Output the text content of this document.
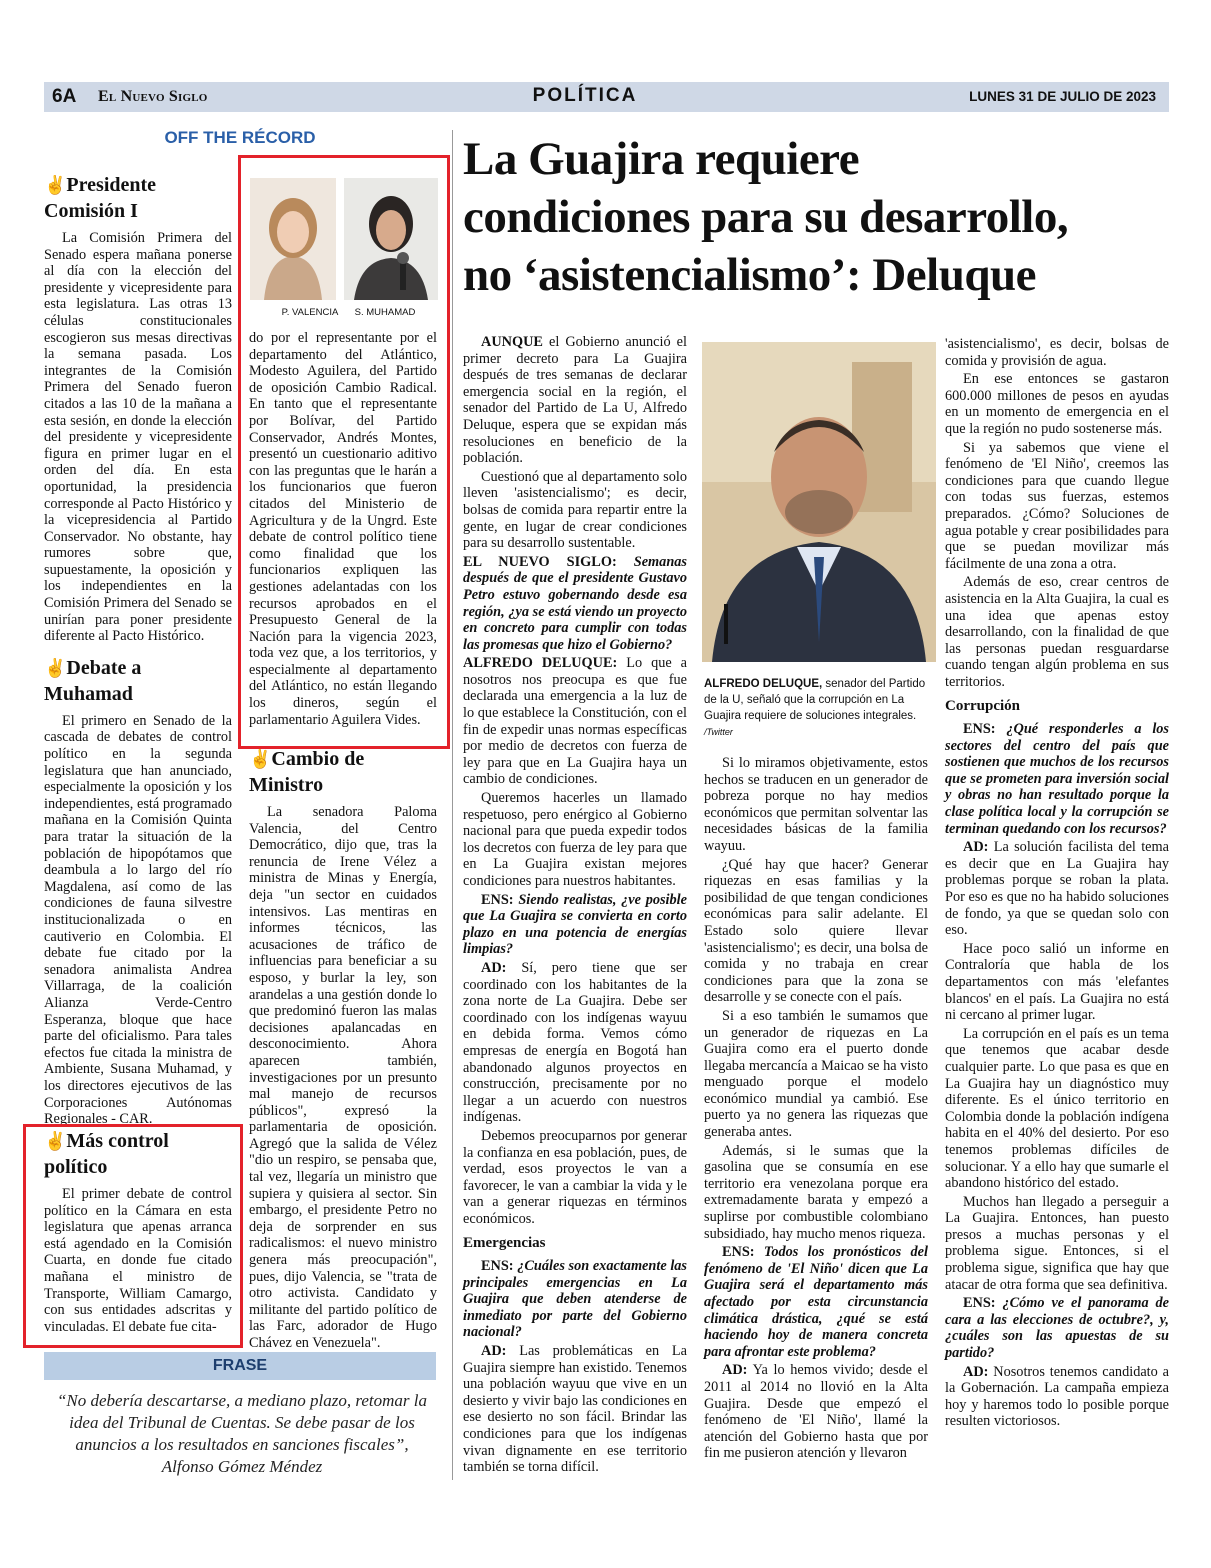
6A El Nuevo Siglo	POLÍTICA	LUNES 31 DE JULIO DE 2023
OFF THE RÉCORD
✌Presidente
Comisión I

La Comisión Primera del Senado espera mañana ponerse al día con la elección del presidente y vicepresidente para esta legislatura. Las otras 13 células constitucionales escogieron sus mesas directivas la semana pasada. Los integrantes de la Comisión Primera del Senado fueron citados a las 10 de la mañana a esta sesión, en donde la elección del presidente y vicepresidente figura en primer lugar en el orden del día. En esta oportunidad, la presidencia corresponde al Pacto Histórico y la vicepresidencia al Partido Conservador. No obstante, hay rumores sobre que, supuestamente, la oposición y los independientes en la Comisión Primera del Senado se unirían para poner presidente diferente al Pacto Histórico.

✌Debate a
Muhamad

El primero en Senado de la cascada de debates de control político en la segunda legislatura que han anunciado, especialmente la oposición y los independientes, está programado mañana en la Comisión Quinta para tratar la situación de la población de hipopótamos que deambula a lo largo del río Magdalena, así como de las condiciones de fauna silvestre institucionalizada o en cautiverio en Colombia. El debate fue citado por la senadora animalista Andrea Villarraga, de la coalición Alianza Verde-Centro Esperanza, bloque que hace parte del oficialismo. Para tales efectos fue citada la ministra de Ambiente, Susana Muhamad, y los directores ejecutivos de las Corporaciones Autónomas Regionales - CAR.

✌Más control
político

El primer debate de control político en la Cámara en esta legislatura que apenas arranca está agendado en la Comisión Cuarta, en donde fue citado mañana el ministro de Transporte, William Camargo, con sus entidades adscritas y vinculadas. El debate fue cita-

P. VALENCIA	S. MUHAMAD

do por el representante por el departamento del Atlántico, Modesto Aguilera, del Partido de oposición Cambio Radical. En tanto que el representante por Bolívar, del Partido Conservador, Andrés Montes, presentó un cuestionario aditivo con las preguntas que le harán a los funcionarios que fueron citados del Ministerio de Agricultura y de la Ungrd. Este debate de control político tiene como finalidad que los funcionarios expliquen las gestiones adelantadas con los recursos aprobados en el Presupuesto General de la Nación para la vigencia 2023, toda vez que, a los territorios, y especialmente al departamento del Atlántico, no están llegando los dineros, según el parlamentario Aguilera Vides.

✌Cambio de
Ministro

La senadora Paloma Valencia, del Centro Democrático, dijo que, tras la renuncia de Irene Vélez a ministra de Minas y Energía, deja "un sector en cuidados intensivos. Las mentiras en informes técnicos, las acusaciones de tráfico de influencias para beneficiar a su esposo, y burlar la ley, son arandelas a una gestión donde lo que predominó fueron las malas decisiones apalancadas en desconocimiento. Ahora aparecen también, investigaciones por un presunto mal manejo de recursos públicos", expresó la parlamentaria de oposición. Agregó que la salida de Vélez "dio un respiro, se pensaba que, tal vez, llegaría un ministro que supiera y quisiera al sector. Sin embargo, el presidente Petro no deja de sorprender en sus radicalismos: el nuevo ministro genera más preocupación", pues, dijo Valencia, se "trata de otro activista. Candidato y militante del partido político de las Farc, adorador de Hugo Chávez en Venezuela".

FRASE
“No debería descartarse, a mediano plazo, retomar la idea del Tribunal de Cuentas. Se debe pasar de los anuncios a los resultados en sanciones fiscales”, Alfonso Gómez Méndez
La Guajira requiere
condiciones para su desarrollo,
no ‘asistencialismo’: Deluque

AUNQUE el Gobierno anunció el primer decreto para La Guajira después de tres semanas de declarar emergencia social en la región, el senador del Partido de La U, Alfredo Deluque, espera que se expidan más resoluciones en beneficio de la población.

Cuestionó que al departamento solo lleven 'asistencialismo'; es decir, bolsas de comida para repartir entre la gente, en lugar de crear condiciones para su desarrollo sustentable.

EL NUEVO SIGLO: Semanas después de que el presidente Gustavo Petro estuvo gobernando desde esa región, ¿ya se está viendo un proyecto en concreto para cumplir con todas las promesas que hizo el Gobierno?

ALFREDO DELUQUE: Lo que a nosotros nos preocupa es que fue declarada una emergencia a la luz de lo que establece la Constitución, con el fin de expedir unas normas específicas por medio de decretos con fuerza de ley para que en La Guajira haya un cambio de condiciones.

Queremos hacerles un llamado respetuoso, pero enérgico al Gobierno nacional para que pueda expedir todos los decretos con fuerza de ley para que en La Guajira existan mejores condiciones para nuestros habitantes.

ENS: Siendo realistas, ¿ve posible que La Guajira se convierta en corto plazo en una potencia de energías limpias?

AD: Sí, pero tiene que ser coordinado con los habitantes de la zona norte de La Guajira. Debe ser coordinado con los indígenas wayuu en debida forma. Vemos cómo empresas de energía en Bogotá han abandonado algunos proyectos en construcción, precisamente por no llegar a un acuerdo con nuestros indígenas.

Debemos preocuparnos por generar la confianza en esa población, pues, de verdad, esos proyectos le van a favorecer, le van a cambiar la vida y le van a generar riquezas en términos económicos.

Emergencias

ENS: ¿Cuáles son exactamente las principales emergencias en La Guajira que deben atenderse de inmediato por parte del Gobierno nacional?

AD: Las problemáticas en La Guajira siempre han existido. Tenemos una población wayuu que vive en un desierto y vivir bajo las condiciones en ese desierto no son fácil. Brindar las condiciones para que los indígenas vivan dignamente en ese territorio también se torna difícil.

ALFREDO DELUQUE, senador del Partido de la U, señaló que la corrupción en La Guajira requiere de soluciones integrales. /Twitter

Si lo miramos objetivamente, estos hechos se traducen en un generador de pobreza porque no hay medios económicos que permitan solventar las necesidades básicas de la familia wayuu.

¿Qué hay que hacer? Generar riquezas en esas familias y la posibilidad de que tengan condiciones económicas para salir adelante. El Estado solo quiere llevar 'asistencialismo'; es decir, una bolsa de comida y no trabaja en crear condiciones para que la zona se desarrolle y se conecte con el país.

Si a eso también le sumamos que un generador de riquezas en La Guajira como era el puerto donde llegaba mercancía a Maicao se ha visto menguado porque el modelo económico mundial ya cambió. Ese puerto ya no genera las riquezas que generaba antes.

Además, si le sumas que la gasolina que se consumía en ese territorio era venezolana porque era extremadamente barata y empezó a suplirse por combustible colombiano subsidiado, hay mucho menos riqueza.

ENS: Todos los pronósticos del fenómeno de 'El Niño' dicen que La Guajira será el departamento más afectado por esta circunstancia climática drástica, ¿qué se está haciendo hoy de manera concreta para afrontar este problema?

AD: Ya lo hemos vivido; desde el 2011 al 2014 no llovió en la Alta Guajira. Desde que empezó el fenómeno de 'El Niño', llamé la atención del Gobierno hasta que por fin me pusieron atención y llevaron

'asistencialismo', es decir, bolsas de comida y provisión de agua.

En ese entonces se gastaron 600.000 millones de pesos en ayudas en un momento de emergencia en el que la región no pudo sostenerse más.

Si ya sabemos que viene el fenómeno de 'El Niño', creemos las condiciones para que cuando llegue con todas sus fuerzas, estemos preparados. ¿Cómo? Soluciones de agua potable y crear posibilidades para que se puedan movilizar más fácilmente de una zona a otra.

Además de eso, crear centros de asistencia en la Alta Guajira, la cual es una idea que apenas estoy desarrollando, con la finalidad de que las personas puedan resguardarse cuando tengan algún problema en sus territorios.

Corrupción

ENS: ¿Qué responderles a los sectores del centro del país que sostienen que muchos de los recursos que se prometen para inversión social y obras no han resultado porque la clase política local y la corrupción se terminan quedando con los recursos?

AD: La solución facilista del tema es decir que en La Guajira hay problemas porque se roban la plata. Por eso es que no ha habido soluciones de fondo, ya que se quedan solo con eso.

Hace poco salió un informe en Contraloría que habla de los departamentos con más 'elefantes blancos' en el país. La Guajira no está ni cercano al primer lugar.

La corrupción en el país es un tema que tenemos que acabar desde cualquier parte. Lo que pasa es que en La Guajira hay un diagnóstico muy diferente. Es el único territorio en Colombia donde la población indígena habita en el 40% del desierto. Por eso tenemos problemas difíciles de solucionar. Y a ello hay que sumarle el abandono histórico del estado.

Muchos han llegado a perseguir a La Guajira. Entonces, han puesto presos a muchas personas y el problema sigue. Entonces, si el problema sigue, significa que hay que atacar de otra forma que sea definitiva.

ENS: ¿Cómo ve el panorama de cara a las elecciones de octubre?, y, ¿cuáles son las apuestas de su partido?

AD: Nosotros tenemos candidato a la Gobernación. La campaña empieza hoy y haremos todo lo posible porque resulten victoriosos.
